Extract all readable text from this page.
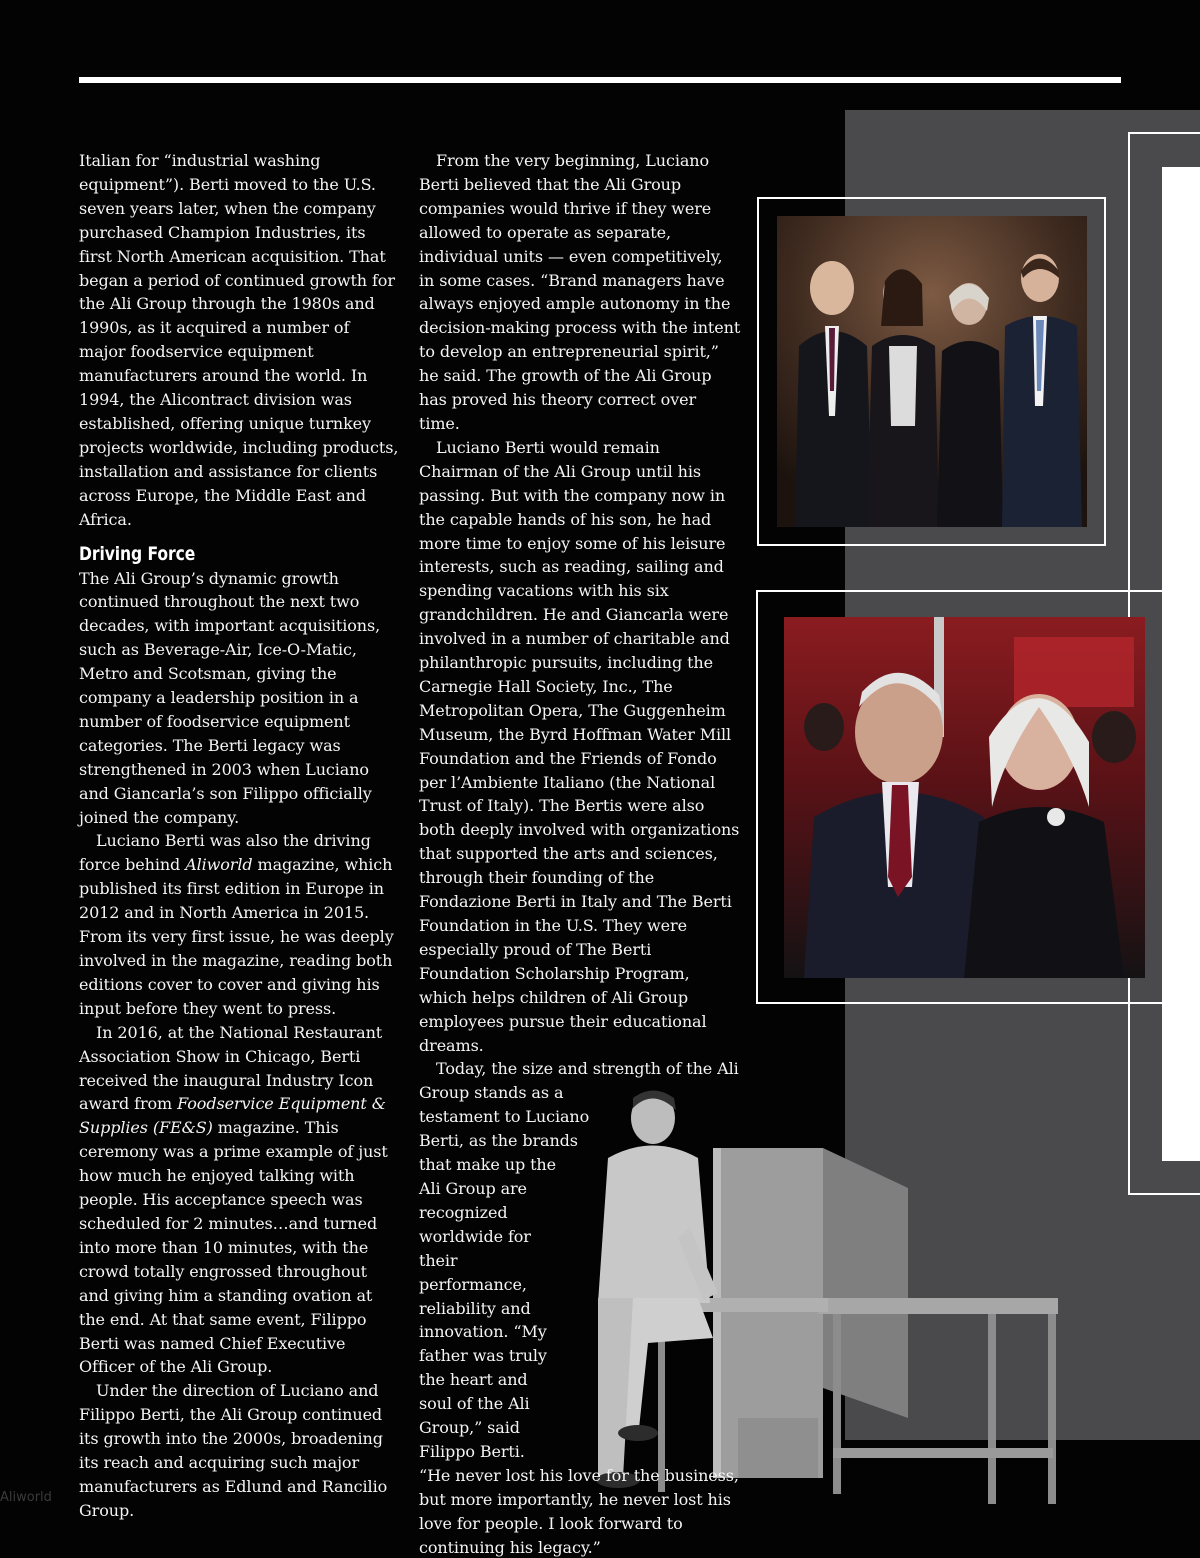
Italian for “industrial washing equipment”). Berti moved to the U.S. seven years later, when the company purchased Champion Industries, its first North American acquisition. That began a period of continued growth for the Ali Group through the 1980s and 1990s, as it acquired a number of major foodservice equipment manufacturers around the world. In 1994, the Alicontract division was established, offering unique turnkey projects worldwide, including products, installation and assistance for clients across Europe, the Middle East and Africa.

Driving Force

The Ali Group’s dynamic growth continued throughout the next two decades, with important acquisitions, such as Beverage-Air, Ice-O-Matic, Metro and Scotsman, giving the company a leadership position in a number of foodservice equipment categories. The Berti legacy was strengthened in 2003 when Luciano and Giancarla’s son Filippo officially joined the company.

Luciano Berti was also the driving force behind Aliworld magazine, which published its first edition in Europe in 2012 and in North America in 2015. From its very first issue, he was deeply involved in the magazine, reading both editions cover to cover and giving his input before they went to press.

In 2016, at the National Restaurant Association Show in Chicago, Berti received the inaugural Industry Icon award from Foodservice Equipment & Supplies (FE&S) magazine. This ceremony was a prime example of just how much he enjoyed talking with people. His acceptance speech was scheduled for 2 minutes…and turned into more than 10 minutes, with the crowd totally engrossed throughout and giving him a standing ovation at the end. At that same event, Filippo Berti was named Chief Executive Officer of the Ali Group.

Under the direction of Luciano and Filippo Berti, the Ali Group continued its growth into the 2000s, broadening its reach and acquiring such major manufacturers as Edlund and Rancilio Group.

From the very beginning, Luciano Berti believed that the Ali Group companies would thrive if they were allowed to operate as separate, individual units — even competitively, in some cases. “Brand managers have always enjoyed ample autonomy in the decision-making process with the intent to develop an entrepreneurial spirit,” he said. The growth of the Ali Group has proved his theory correct over time.

Luciano Berti would remain Chairman of the Ali Group until his passing. But with the company now in the capable hands of his son, he had more time to enjoy some of his leisure interests, such as reading, sailing and spending vacations with his six grandchildren. He and Giancarla were involved in a number of charitable and philanthropic pursuits, including the Carnegie Hall Society, Inc., The Metropolitan Opera, The Guggenheim Museum, the Byrd Hoffman Water Mill Foundation and the Friends of Fondo per l’Ambiente Italiano (the National Trust of Italy). The Bertis were also both deeply involved with organizations that supported the arts and sciences, through their founding of the Fondazione Berti in Italy and The Berti Foundation in the U.S. They were especially proud of The Berti Foundation Scholarship Program, which helps children of Ali Group employees pursue their educational dreams.

Today, the size and strength of the Ali Group stands as a testament to Luciano Berti, as the brands that make up the Ali Group are recognized worldwide for their performance, reliability and innovation. “My father was truly the heart and soul of the Ali Group,” said Filippo Berti. “He never lost his love for the business, but more importantly, he never lost his love for people. I look forward to continuing his legacy.”

Aliworld
